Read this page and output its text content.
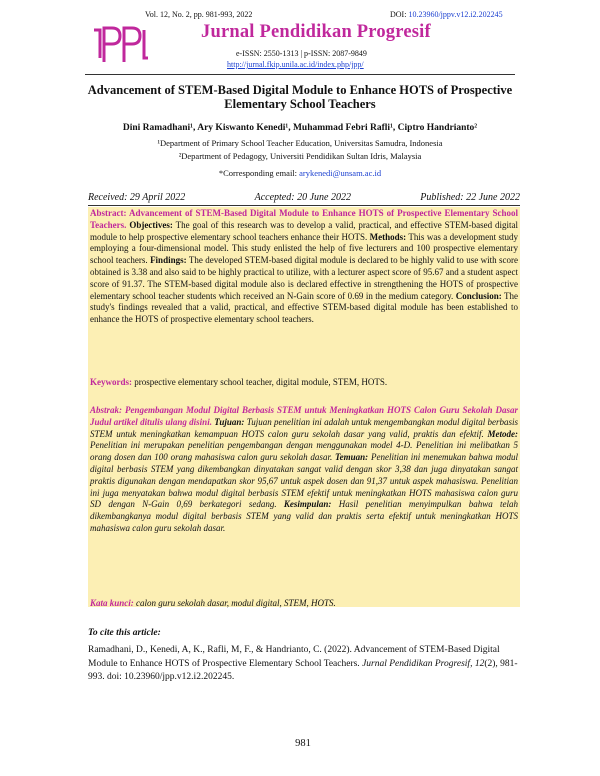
Vol. 12, No. 2, pp. 981-993, 2022	DOI: 10.23960/jppv.v12.i2.202245
Jurnal Pendidikan Progresif
e-ISSN: 2550-1313 | p-ISSN: 2087-9849
http://jurnal.fkip.unila.ac.id/index.php/jpp/
Advancement of STEM-Based Digital Module to Enhance HOTS of Prospective Elementary School Teachers
Dini Ramadhani¹, Ary Kiswanto Kenedi¹, Muhammad Febri Rafli¹, Ciptro Handrianto²
¹Department of Primary School Teacher Education, Universitas Samudra, Indonesia
²Department of Pedagogy, Universiti Pendidikan Sultan Idris, Malaysia
*Corresponding email: arykenedi@unsam.ac.id
Received: 29 April 2022	Accepted: 20 June 2022	Published: 22 June 2022
Abstract: Advancement of STEM-Based Digital Module to Enhance HOTS of Prospective Elementary School Teachers. Objectives: The goal of this research was to develop a valid, practical, and effective STEM-based digital module to help prospective elementary school teachers enhance their HOTS. Methods: This was a development study employing a four-dimensional model. This study enlisted the help of five lecturers and 100 prospective elementary school teachers. Findings: The developed STEM-based digital module is declared to be highly valid to use with score obtained is 3.38 and also said to be highly practical to utilize, with a lecturer aspect score of 95.67 and a student aspect score of 91.37. The STEM-based digital module also is declared effective in strengthening the HOTS of prospective elementary school teacher students which received an N-Gain score of 0.69 in the medium category. Conclusion: The study's findings revealed that a valid, practical, and effective STEM-based digital module has been established to enhance the HOTS of prospective elementary school teachers.
Keywords: prospective elementary school teacher, digital module, STEM, HOTS.
Abstrak: Pengembangan Modul Digital Berbasis STEM untuk Meningkatkan HOTS Calon Guru Sekolah Dasar Judul artikel ditulis ulang disini. Tujuan: Tujuan penelitian ini adalah untuk mengembangkan modul digital berbasis STEM untuk meningkatkan kemampuan HOTS calon guru sekolah dasar yang valid, praktis dan efektif. Metode: Penelitian ini merupakan penelitian pengembangan dengan menggunakan model 4-D. Penelitian ini melibatkan 5 orang dosen dan 100 orang mahasiswa calon guru sekolah dasar. Temuan: Penelitian ini menemukan bahwa modul digital berbasis STEM yang dikembangkan dinyatakan sangat valid dengan skor 3,38 dan juga dinyatakan sangat praktis digunakan dengan mendapatkan skor 95,67 untuk aspek dosen dan 91,37 untuk aspek mahasiswa. Penelitian ini juga menyatakan bahwa modul digital berbasis STEM efektif untuk meningkatkan HOTS mahasiswa calon guru SD dengan N-Gain 0,69 berkategori sedang. Kesimpulan: Hasil penelitian menyimpulkan bahwa telah dikembangkanya modul digital berbasis STEM yang valid dan praktis serta efektif untuk meningkatkan HOTS mahasiswa calon guru sekolah dasar.
Kata kunci: calon guru sekolah dasar, modul digital, STEM, HOTS.
To cite this article:
Ramadhani, D., Kenedi, A, K., Rafli, M, F., & Handrianto, C. (2022). Advancement of STEM-Based Digital Module to Enhance HOTS of Prospective Elementary School Teachers. Jurnal Pendidikan Progresif, 12(2), 981-993. doi: 10.23960/jpp.v12.i2.202245.
981
